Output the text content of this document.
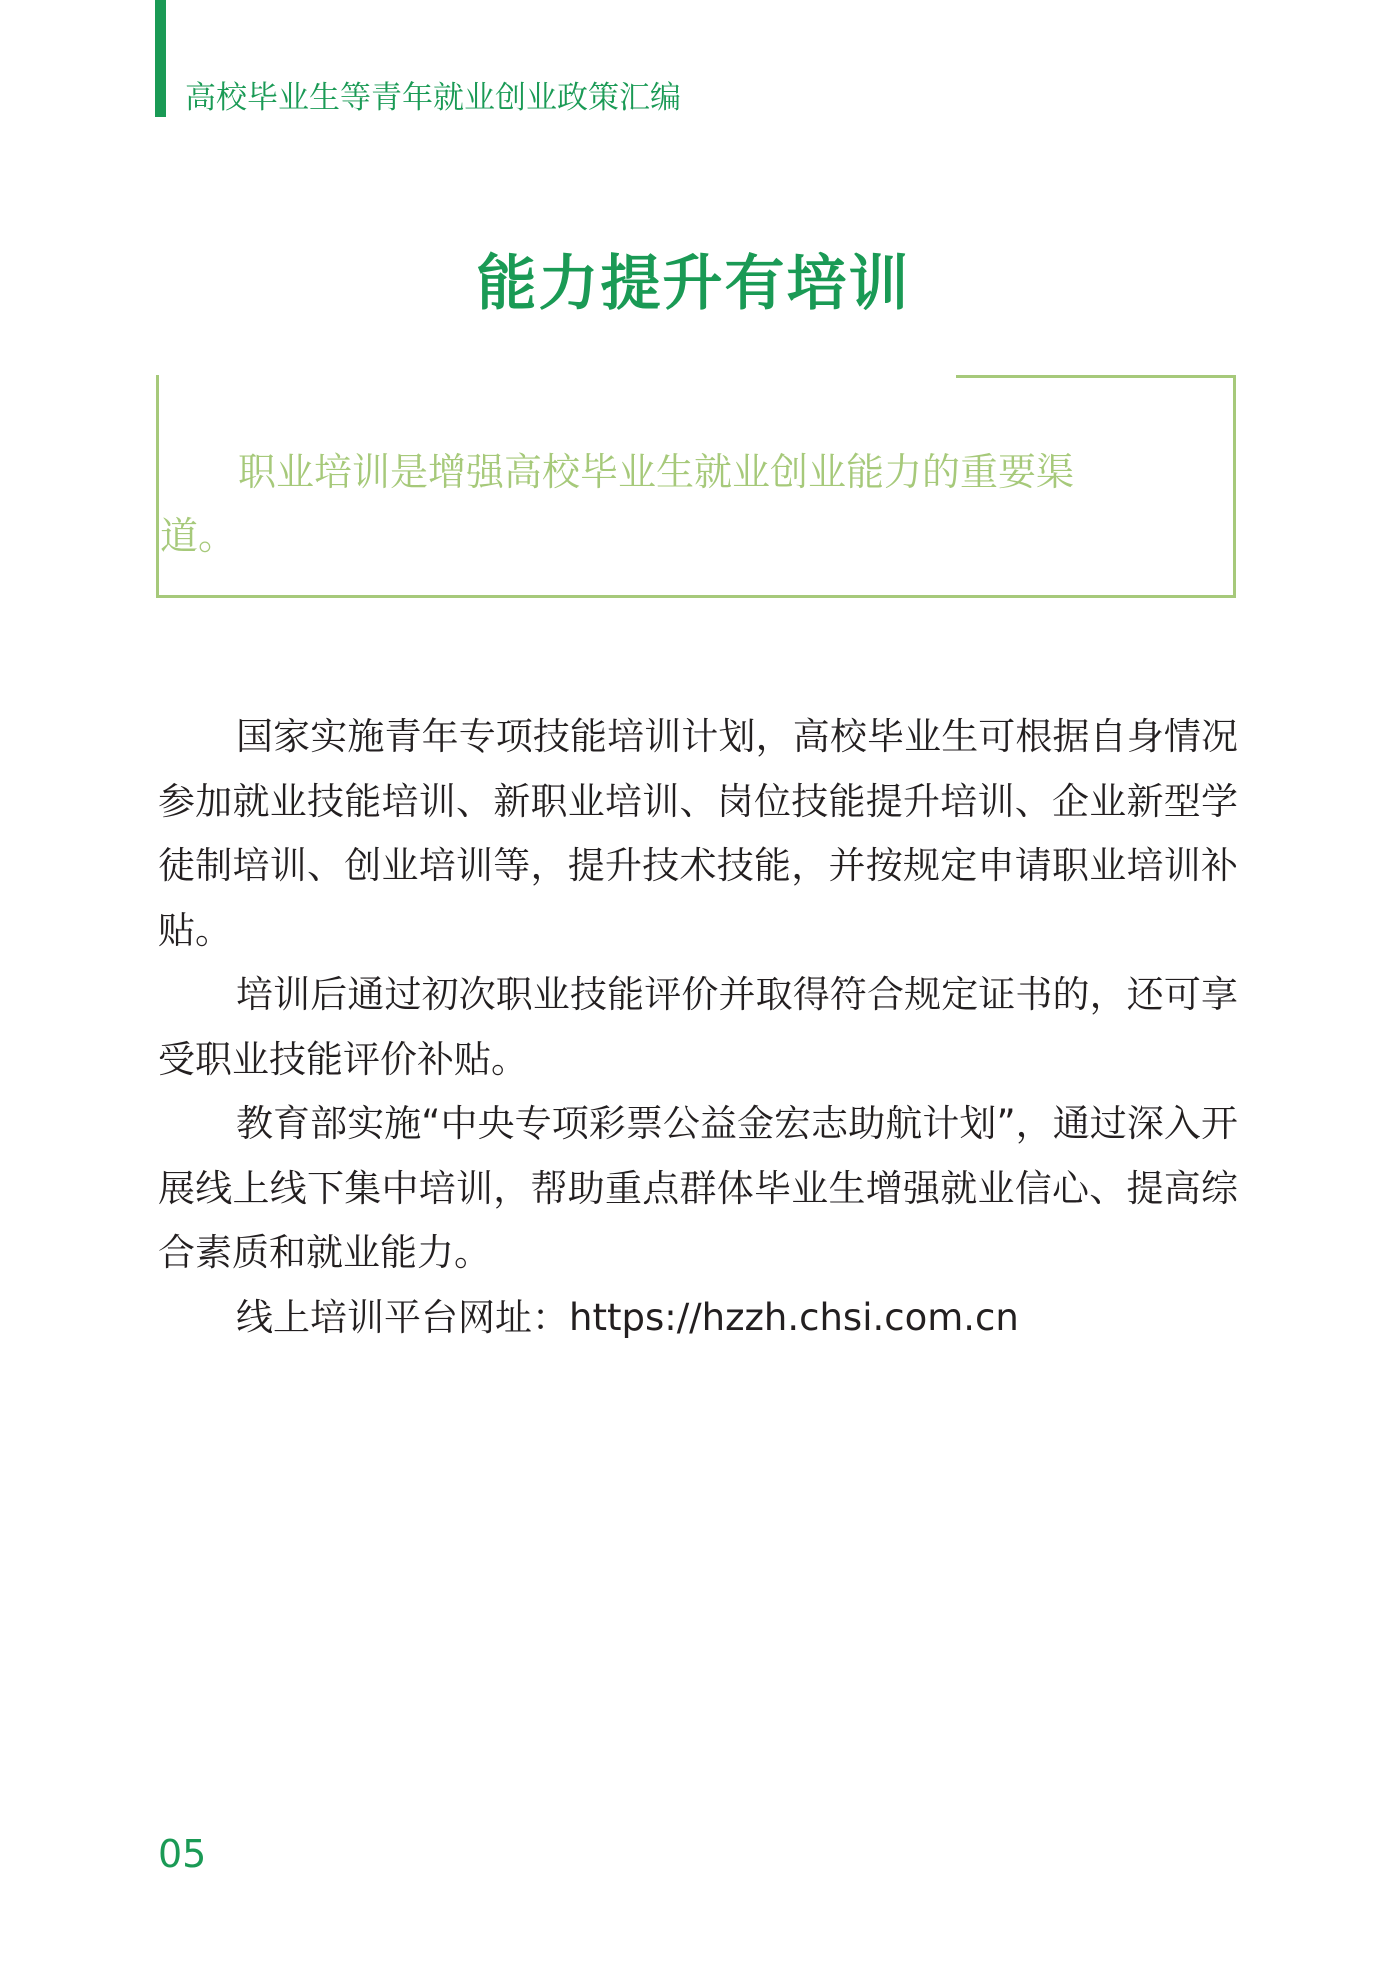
高校毕业生等青年就业创业政策汇编
能力提升有培训
职业培训是增强高校毕业生就业创业能力的重要渠道。

国家实施青年专项技能培训计划，高校毕业生可根据自身情况参加就业技能培训、新职业培训、岗位技能提升培训、企业新型学徒制培训、创业培训等，提升技术技能，并按规定申请职业培训补贴。

培训后通过初次职业技能评价并取得符合规定证书的，还可享受职业技能评价补贴。

教育部实施“中央专项彩票公益金宏志助航计划”，通过深入开展线上线下集中培训，帮助重点群体毕业生增强就业信心、提高综合素质和就业能力。

线上培训平台网址：https://hzzh.chsi.com.cn

05
